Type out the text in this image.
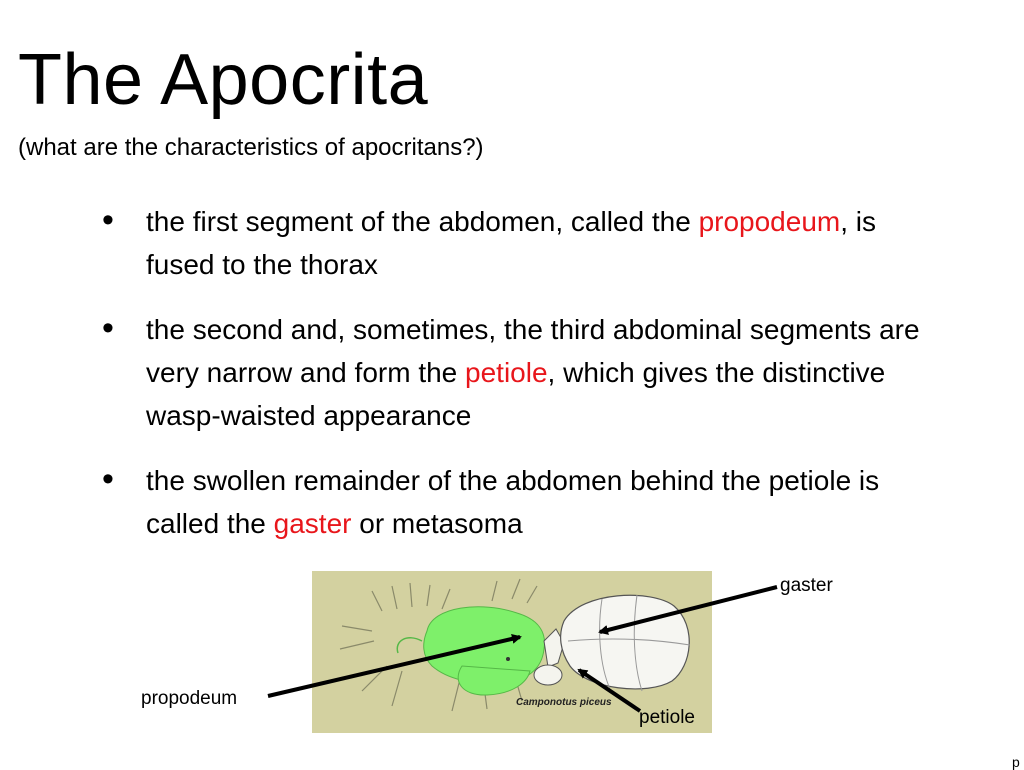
The Apocrita
(what are the characteristics of apocritans?)
• the first segment of the abdomen, called the propodeum, is fused to the thorax
• the second and, sometimes, the third abdominal segments are very narrow and form the petiole, which gives the distinctive wasp-waisted appearance
• the swollen remainder of the abdomen behind the petiole is called the gaster or metasoma
Camponotus piceus
gaster
propodeum
petiole
p
